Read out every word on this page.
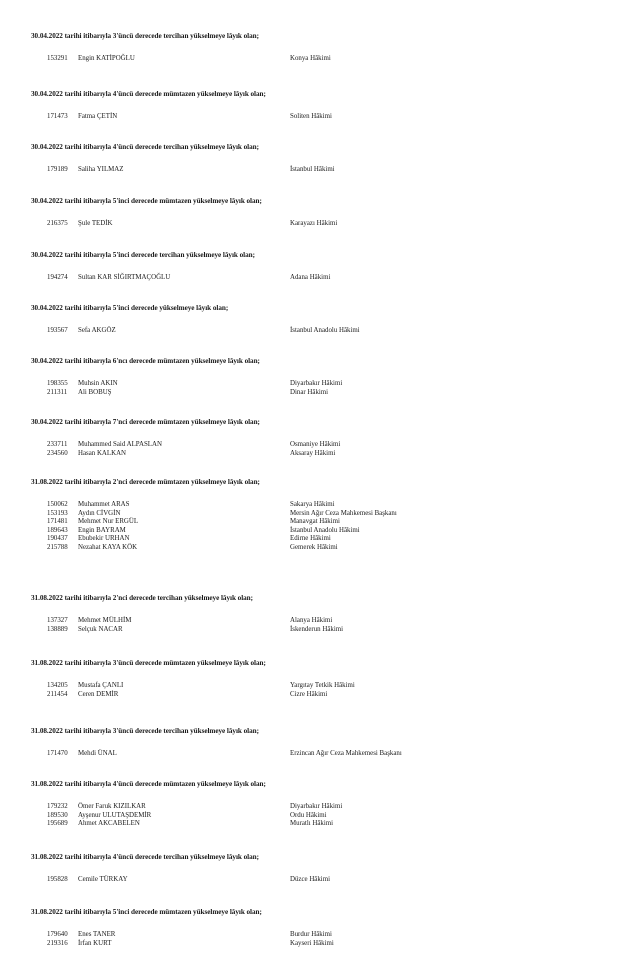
30.04.2022 tarihi itibarıyla 3'üncü derecede tercihan yükselmeye lâyık olan;
153291 Engin KATİPOĞLU	Konya Hâkimi
30.04.2022 tarihi itibarıyla 4'üncü derecede mümtazen yükselmeye lâyık olan;
171473 Fatma ÇETİN	Soliten Hâkimi
30.04.2022 tarihi itibarıyla 4'üncü derecede tercihan yükselmeye lâyık olan;
179189 Saliha YILMAZ	İstanbul Hâkimi
30.04.2022 tarihi itibarıyla 5'inci derecede mümtazen yükselmeye lâyık olan;
216375 Şule TEDİK	Karayazı Hâkimi
30.04.2022 tarihi itibarıyla 5'inci derecede tercihan yükselmeye lâyık olan;
194274 Sultan KAR SİĞIRTMAÇOĞLU	Adana Hâkimi
30.04.2022 tarihi itibarıyla 5'inci derecede yükselmeye lâyık olan;
193567 Sefa AKGÖZ	İstanbul Anadolu Hâkimi
30.04.2022 tarihi itibarıyla 6'ncı derecede mümtazen yükselmeye lâyık olan;
198355 Muhsin AKIN	Diyarbakır Hâkimi
211311 Ali BOBUŞ	Dinar Hâkimi
30.04.2022 tarihi itibarıyla 7'nci derecede mümtazen yükselmeye lâyık olan;
233711 Muhammed Said ALPASLAN	Osmaniye Hâkimi
234560 Hasan KALKAN	Aksaray Hâkimi
31.08.2022 tarihi itibarıyla 2'nci derecede mümtazen yükselmeye lâyık olan;
150062 Muhammet ARAS	Sakarya Hâkimi
153193 Aydın CİVGİN	Mersin Ağır Ceza Mahkemesi Başkanı
171481 Mehmet Nur ERGÜL	Manavgat Hâkimi
189643 Engin BAYRAM	İstanbul Anadolu Hâkimi
190437 Ebubekir URHAN	Edirne Hâkimi
215788 Nezahat KAYA KÖK	Gemerek Hâkimi
31.08.2022 tarihi itibarıyla 2'nci derecede tercihan yükselmeye lâyık olan;
137327 Mehmet MÜLHİM	Alanya Hâkimi
138889 Selçuk NACAR	İskenderun Hâkimi
31.08.2022 tarihi itibarıyla 3'üncü derecede mümtazen yükselmeye lâyık olan;
134205 Mustafa ÇANLI	Yargıtay Tetkik Hâkimi
211454 Ceren DEMİR	Cizre Hâkimi
31.08.2022 tarihi itibarıyla 3'üncü derecede tercihan yükselmeye lâyık olan;
171470 Mehdi ÜNAL	Erzincan Ağır Ceza Mahkemesi Başkanı
31.08.2022 tarihi itibarıyla 4'üncü derecede mümtazen yükselmeye lâyık olan;
179232 Ömer Faruk KIZILKAR	Diyarbakır Hâkimi
189530 Ayşenur ULUTAŞDEMİR	Ordu Hâkimi
195689 Ahmet AKCABELEN	Muratlı Hâkimi
31.08.2022 tarihi itibarıyla 4'üncü derecede tercihan yükselmeye lâyık olan;
195828 Cemile TÜRKAY	Düzce Hâkimi
31.08.2022 tarihi itibarıyla 5'inci derecede mümtazen yükselmeye lâyık olan;
179640 Enes TANER	Burdur Hâkimi
219316 İrfan KURT	Kayseri Hâkimi
